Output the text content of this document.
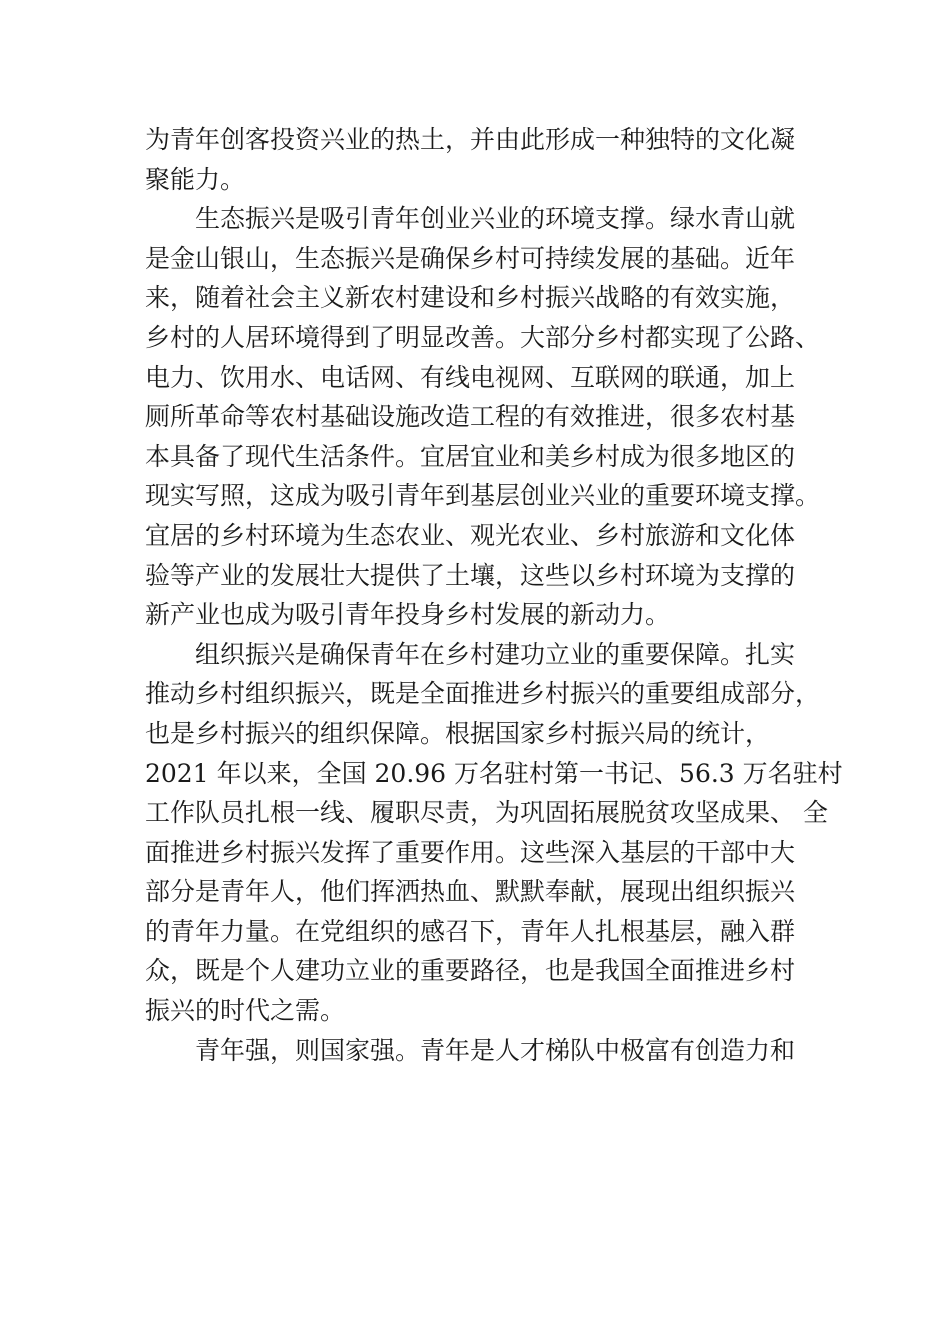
为青年创客投资兴业的热土，并由此形成一种独特的文化凝
聚能力。
生态振兴是吸引青年创业兴业的环境支撑。绿水青山就
是金山银山，生态振兴是确保乡村可持续发展的基础。近年
来，随着社会主义新农村建设和乡村振兴战略的有效实施，
乡村的人居环境得到了明显改善。大部分乡村都实现了公路、
电力、饮用水、电话网、有线电视网、互联网的联通，加上
厕所革命等农村基础设施改造工程的有效推进，很多农村基
本具备了现代生活条件。宜居宜业和美乡村成为很多地区的
现实写照，这成为吸引青年到基层创业兴业的重要环境支撑。
宜居的乡村环境为生态农业、观光农业、乡村旅游和文化体
验等产业的发展壮大提供了土壤，这些以乡村环境为支撑的
新产业也成为吸引青年投身乡村发展的新动力。
组织振兴是确保青年在乡村建功立业的重要保障。扎实
推动乡村组织振兴，既是全面推进乡村振兴的重要组成部分，
也是乡村振兴的组织保障。根据国家乡村振兴局的统计，
2021 年以来，全国 20.96 万名驻村第一书记、56.3 万名驻村
工作队员扎根一线、履职尽责，为巩固拓展脱贫攻坚成果、 全
面推进乡村振兴发挥了重要作用。这些深入基层的干部中大
部分是青年人，他们挥洒热血、默默奉献，展现出组织振兴
的青年力量。在党组织的感召下，青年人扎根基层，融入群
众，既是个人建功立业的重要路径，也是我国全面推进乡村
振兴的时代之需。
青年强，则国家强。青年是人才梯队中极富有创造力和
